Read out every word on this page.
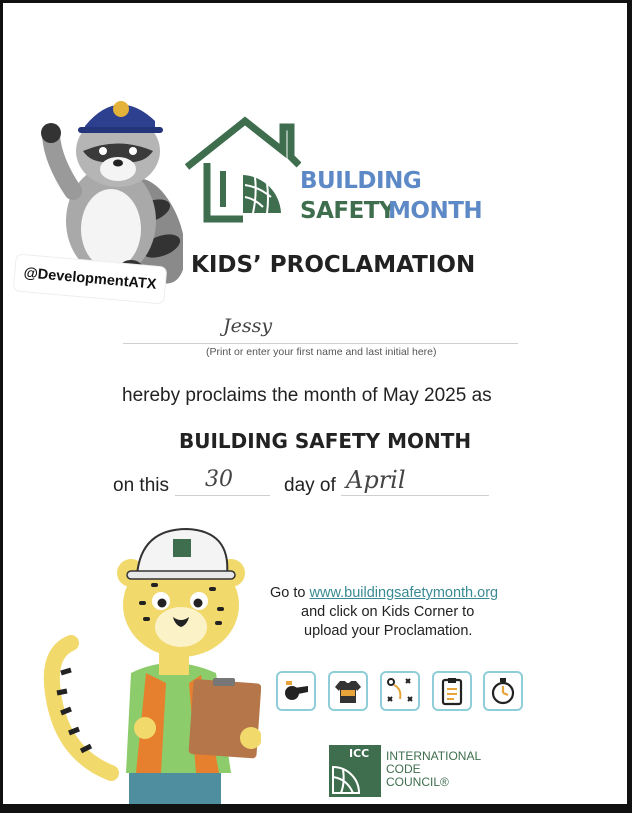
@DevelopmentATX
BUILDING
SAFETY
MONTH
KIDS’ PROCLAMATION
Jessy
(Print or enter your first name and last initial here)
hereby proclaims the month of May 2025 as
BUILDING SAFETY MONTH
on this 30	day of April
Go to www.buildingsafetymonth.org
and click on Kids Corner to
upload your Proclamation.
ICC INTERNATIONAL
CODE
COUNCIL®
